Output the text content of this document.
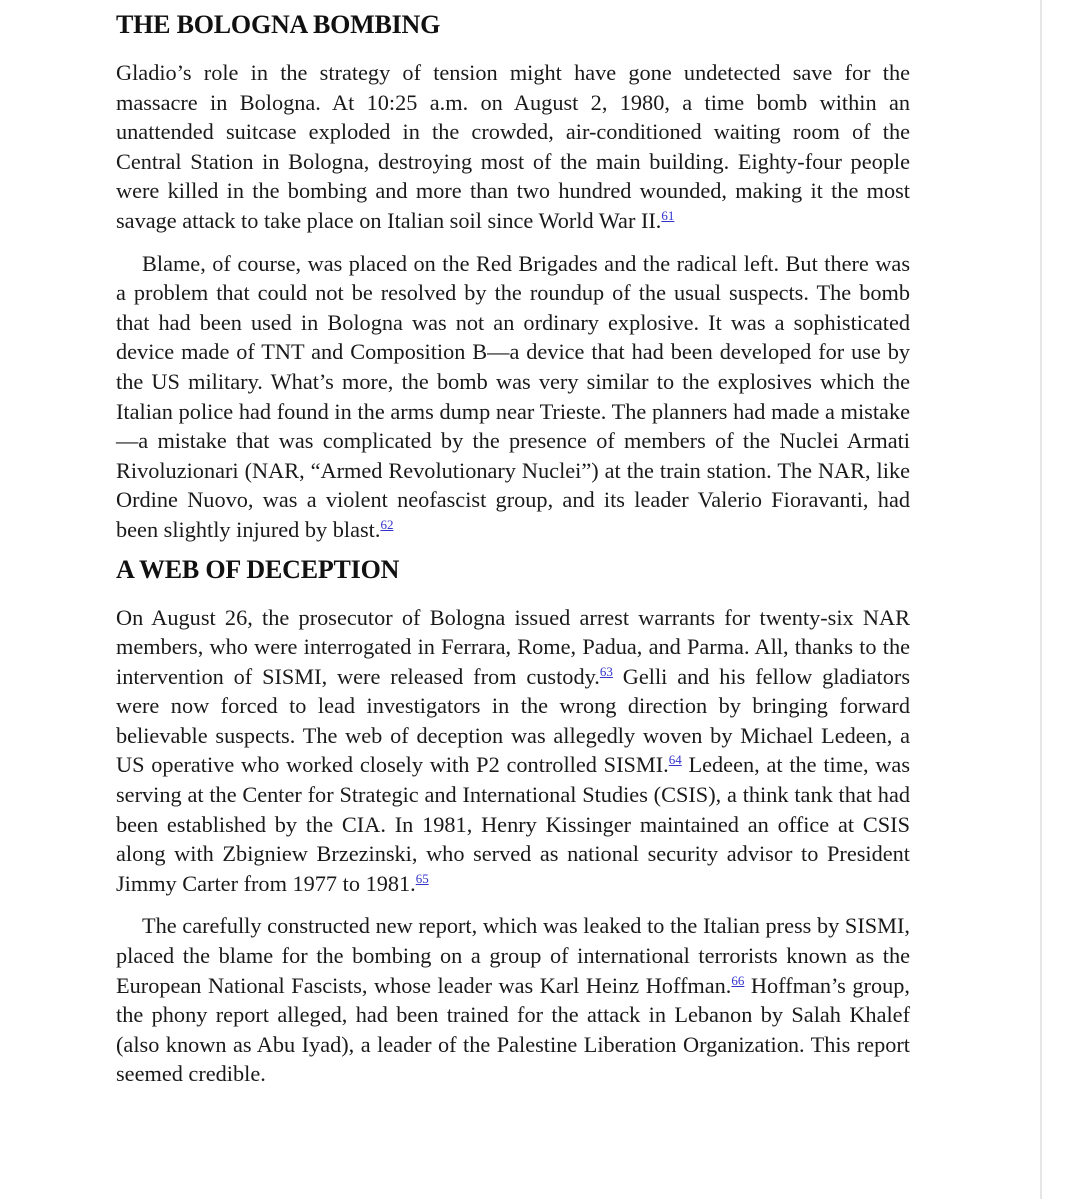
THE BOLOGNA BOMBING

Gladio’s role in the strategy of tension might have gone undetected save for the massacre in Bologna. At 10:25 a.m. on August 2, 1980, a time bomb within an unattended suitcase exploded in the crowded, air-conditioned waiting room of the Central Station in Bologna, destroying most of the main building. Eighty-four people were killed in the bombing and more than two hundred wounded, making it the most savage attack to take place on Italian soil since World War II.$^{61}$

Blame, of course, was placed on the Red Brigades and the radical left. But there was a problem that could not be resolved by the roundup of the usual suspects. The bomb that had been used in Bologna was not an ordinary explosive. It was a sophisticated device made of TNT and Composition B—a device that had been developed for use by the US military. What’s more, the bomb was very similar to the explosives which the Italian police had found in the arms dump near Trieste. The planners had made a mistake—a mistake that was complicated by the presence of members of the Nuclei Armati Rivoluzionari (NAR, “Armed Revolutionary Nuclei”) at the train station. The NAR, like Ordine Nuovo, was a violent neofascist group, and its leader Valerio Fioravanti, had been slightly injured by blast.$^{62}$

A WEB OF DECEPTION

On August 26, the prosecutor of Bologna issued arrest warrants for twenty-six NAR members, who were interrogated in Ferrara, Rome, Padua, and Parma. All, thanks to the intervention of SISMI, were released from custody.$^{63}$ Gelli and his fellow gladiators were now forced to lead investigators in the wrong direction by bringing forward believable suspects. The web of deception was allegedly woven by Michael Ledeen, a US operative who worked closely with P2 controlled SISMI.$^{64}$ Ledeen, at the time, was serving at the Center for Strategic and International Studies (CSIS), a think tank that had been established by the CIA. In 1981, Henry Kissinger maintained an office at CSIS along with Zbigniew Brzezinski, who served as national security advisor to President Jimmy Carter from 1977 to 1981.65

The carefully constructed new report, which was leaked to the Italian press by SISMI, placed the blame for the bombing on a group of international terrorists known as the European National Fascists, whose leader was Karl Heinz Hoffman.$^{66}$ Hoffman’s group, the phony report alleged, had been trained for the attack in Lebanon by Salah Khalef (also known as Abu Iyad), a leader of the Palestine Liberation Organization. This report seemed credible.
